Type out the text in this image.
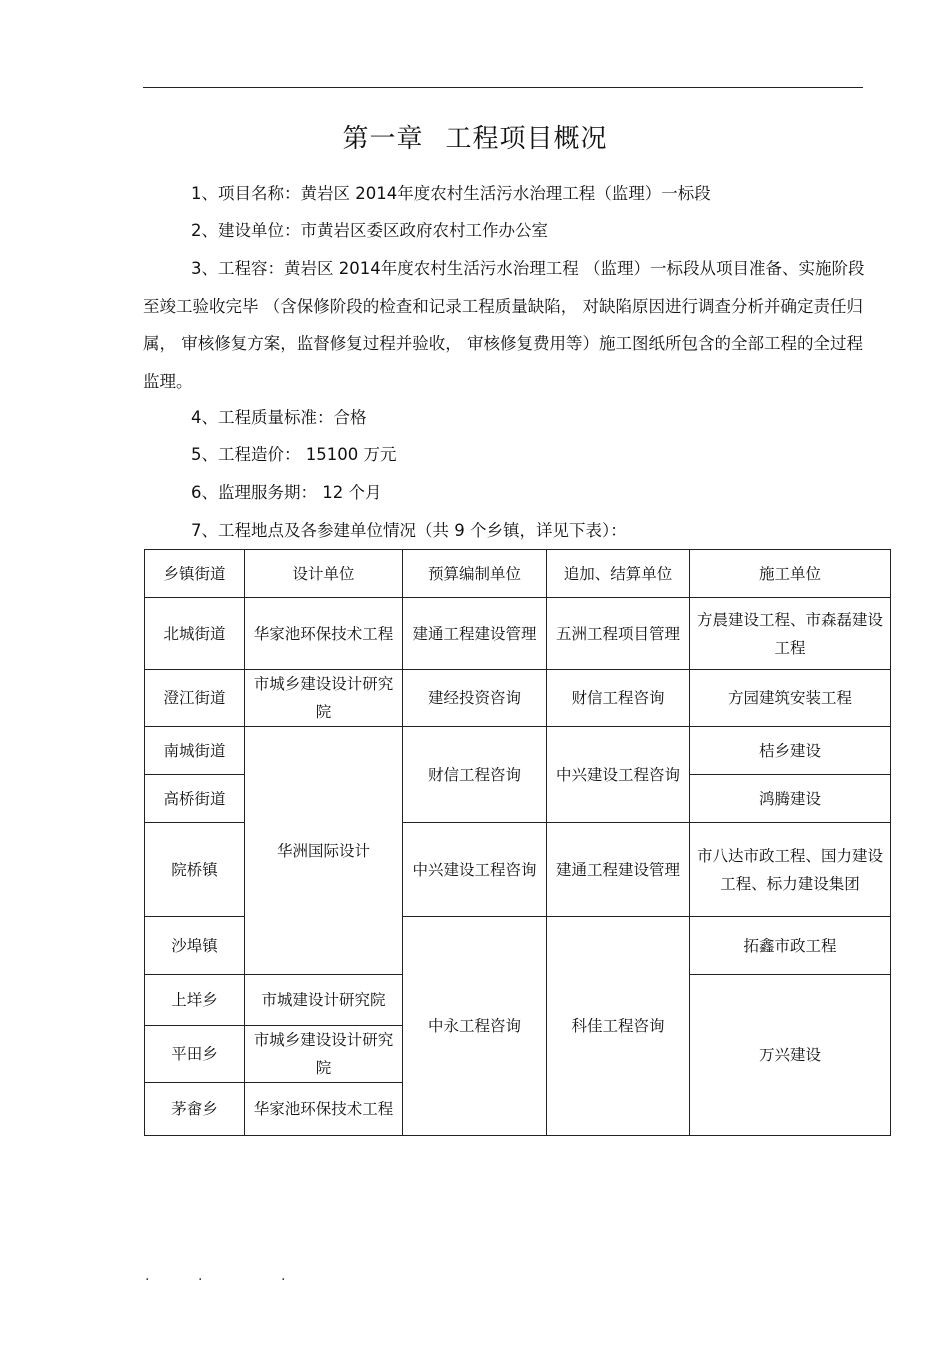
第一章 工程项目概况
1、项目名称：黄岩区 2014年度农村生活污水治理工程（监理）一标段
2、建设单位：市黄岩区委区政府农村工作办公室
3、工程容：黄岩区 2014年度农村生活污水治理工程 （监理）一标段从项目准备、实施阶段至竣工验收完毕 （含保修阶段的检查和记录工程质量缺陷， 对缺陷原因进行调查分析并确定责任归属， 审核修复方案，监督修复过程并验收， 审核修复费用等）施工图纸所包含的全部工程的全过程监理。
4、工程质量标准：合格
5、工程造价： 15100 万元
6、监理服务期： 12 个月
7、工程地点及各参建单位情况（共 9 个乡镇，详见下表）：
乡镇街道	设计单位	预算编制单位	追加、结算单位	施工单位
北城街道	华家池环保技术工程	建通工程建设管理	五洲工程项目管理	方晨建设工程、市森磊建设工程
澄江街道	市城乡建设设计研究院	建经投资咨询	财信工程咨询	方园建筑安装工程
南城街道	华洲国际设计	财信工程咨询	中兴建设工程咨询	桔乡建设
高桥街道				鸿腾建设
院桥镇		中兴建设工程咨询	建通工程建设管理	市八达市政工程、国力建设工程、标力建设集团
沙埠镇		中永工程咨询	科佳工程咨询	拓鑫市政工程
上垟乡	市城建设计研究院			万兴建设
平田乡	市城乡建设设计研究院			
茅畲乡	华家池环保技术工程			
.	.	.
